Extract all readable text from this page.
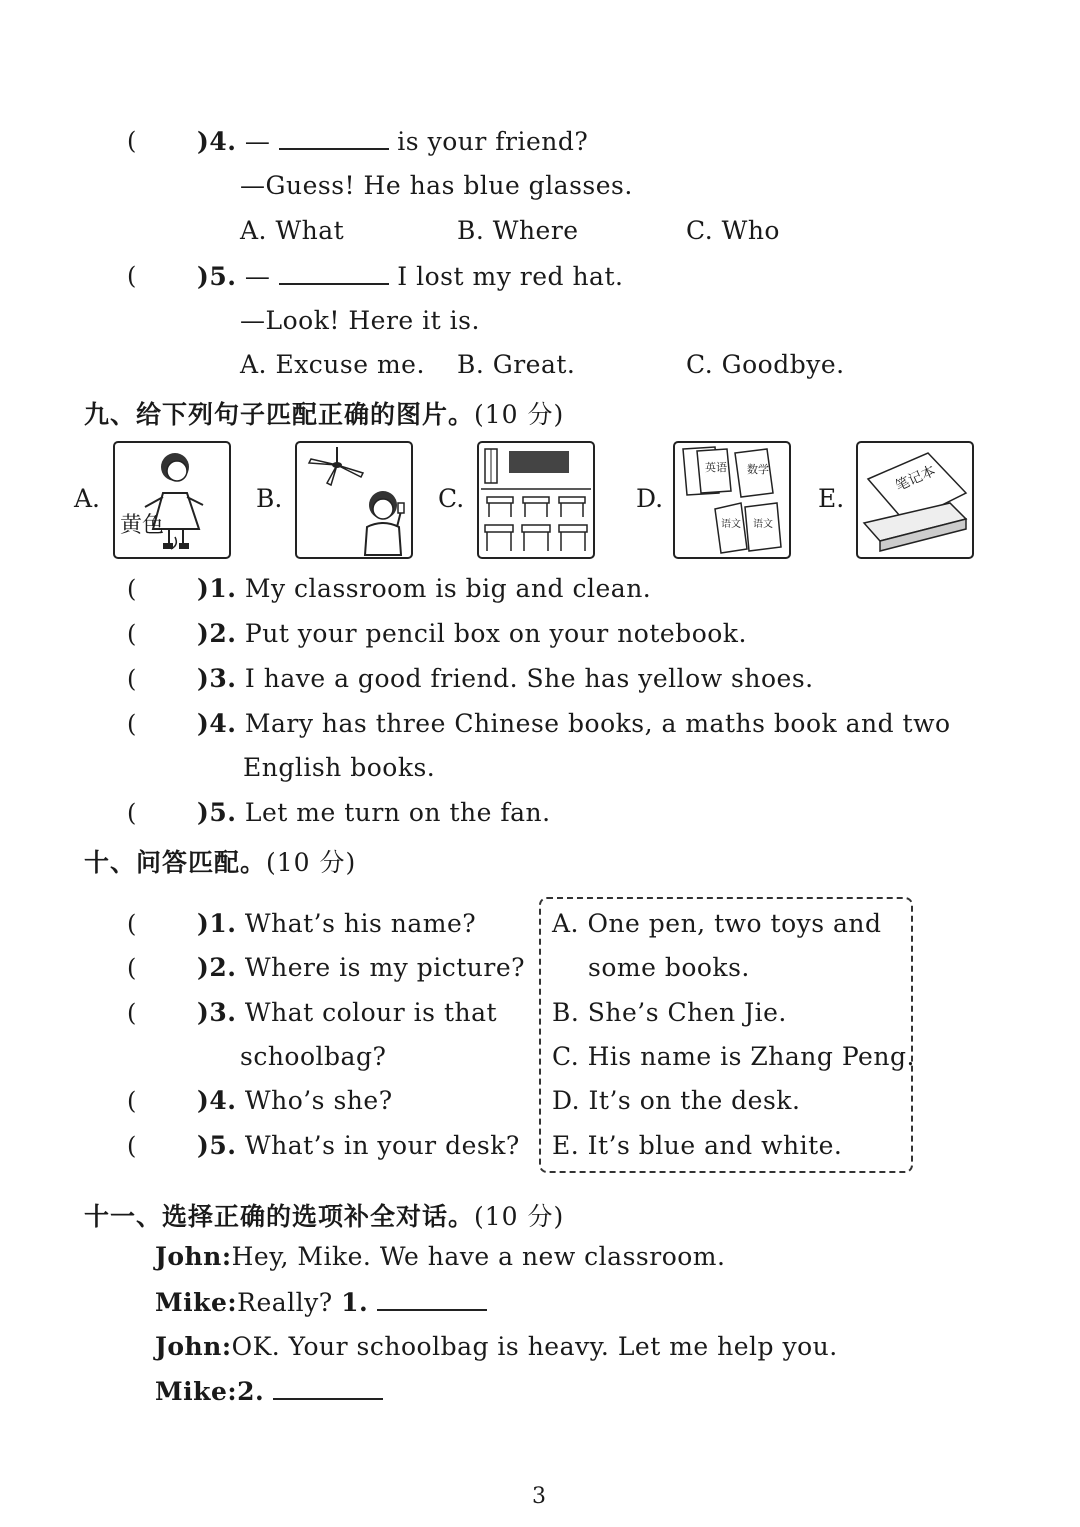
( )4. —	is your friend?
—Guess! He has blue glasses.
A. What	B. Where	C. Who
( )5. —	I lost my red hat.
—Look! Here it is.
A. Excuse me. B. Great.	C. Goodbye.
九、给下列句子匹配正确的图片。(10 分)
A.
黄色
B.	C.	D.
英语 数学
语文 语文
E.
笔记本
( )1. My classroom is big and clean.
( )2. Put your pencil box on your notebook.
( )3. I have a good friend. She has yellow shoes.
( )4. Mary has three Chinese books, a maths book and two
English books.
( )5. Let me turn on the fan.
十、问答匹配。(10 分)
( )1. What’s his name?
( )2. Where is my picture?
( )3. What colour is that
schoolbag?
( )4. Who’s she?
( )5. What’s in your desk?
A. One pen, two toys and
some books.
B. She’s Chen Jie.
C. His name is Zhang Peng.
D. It’s on the desk.
E. It’s blue and white.
十一、选择正确的选项补全对话。(10 分)
John:Hey, Mike. We have a new classroom.
Mike:Really? 1.
John:OK. Your schoolbag is heavy. Let me help you.
Mike:2.
3
